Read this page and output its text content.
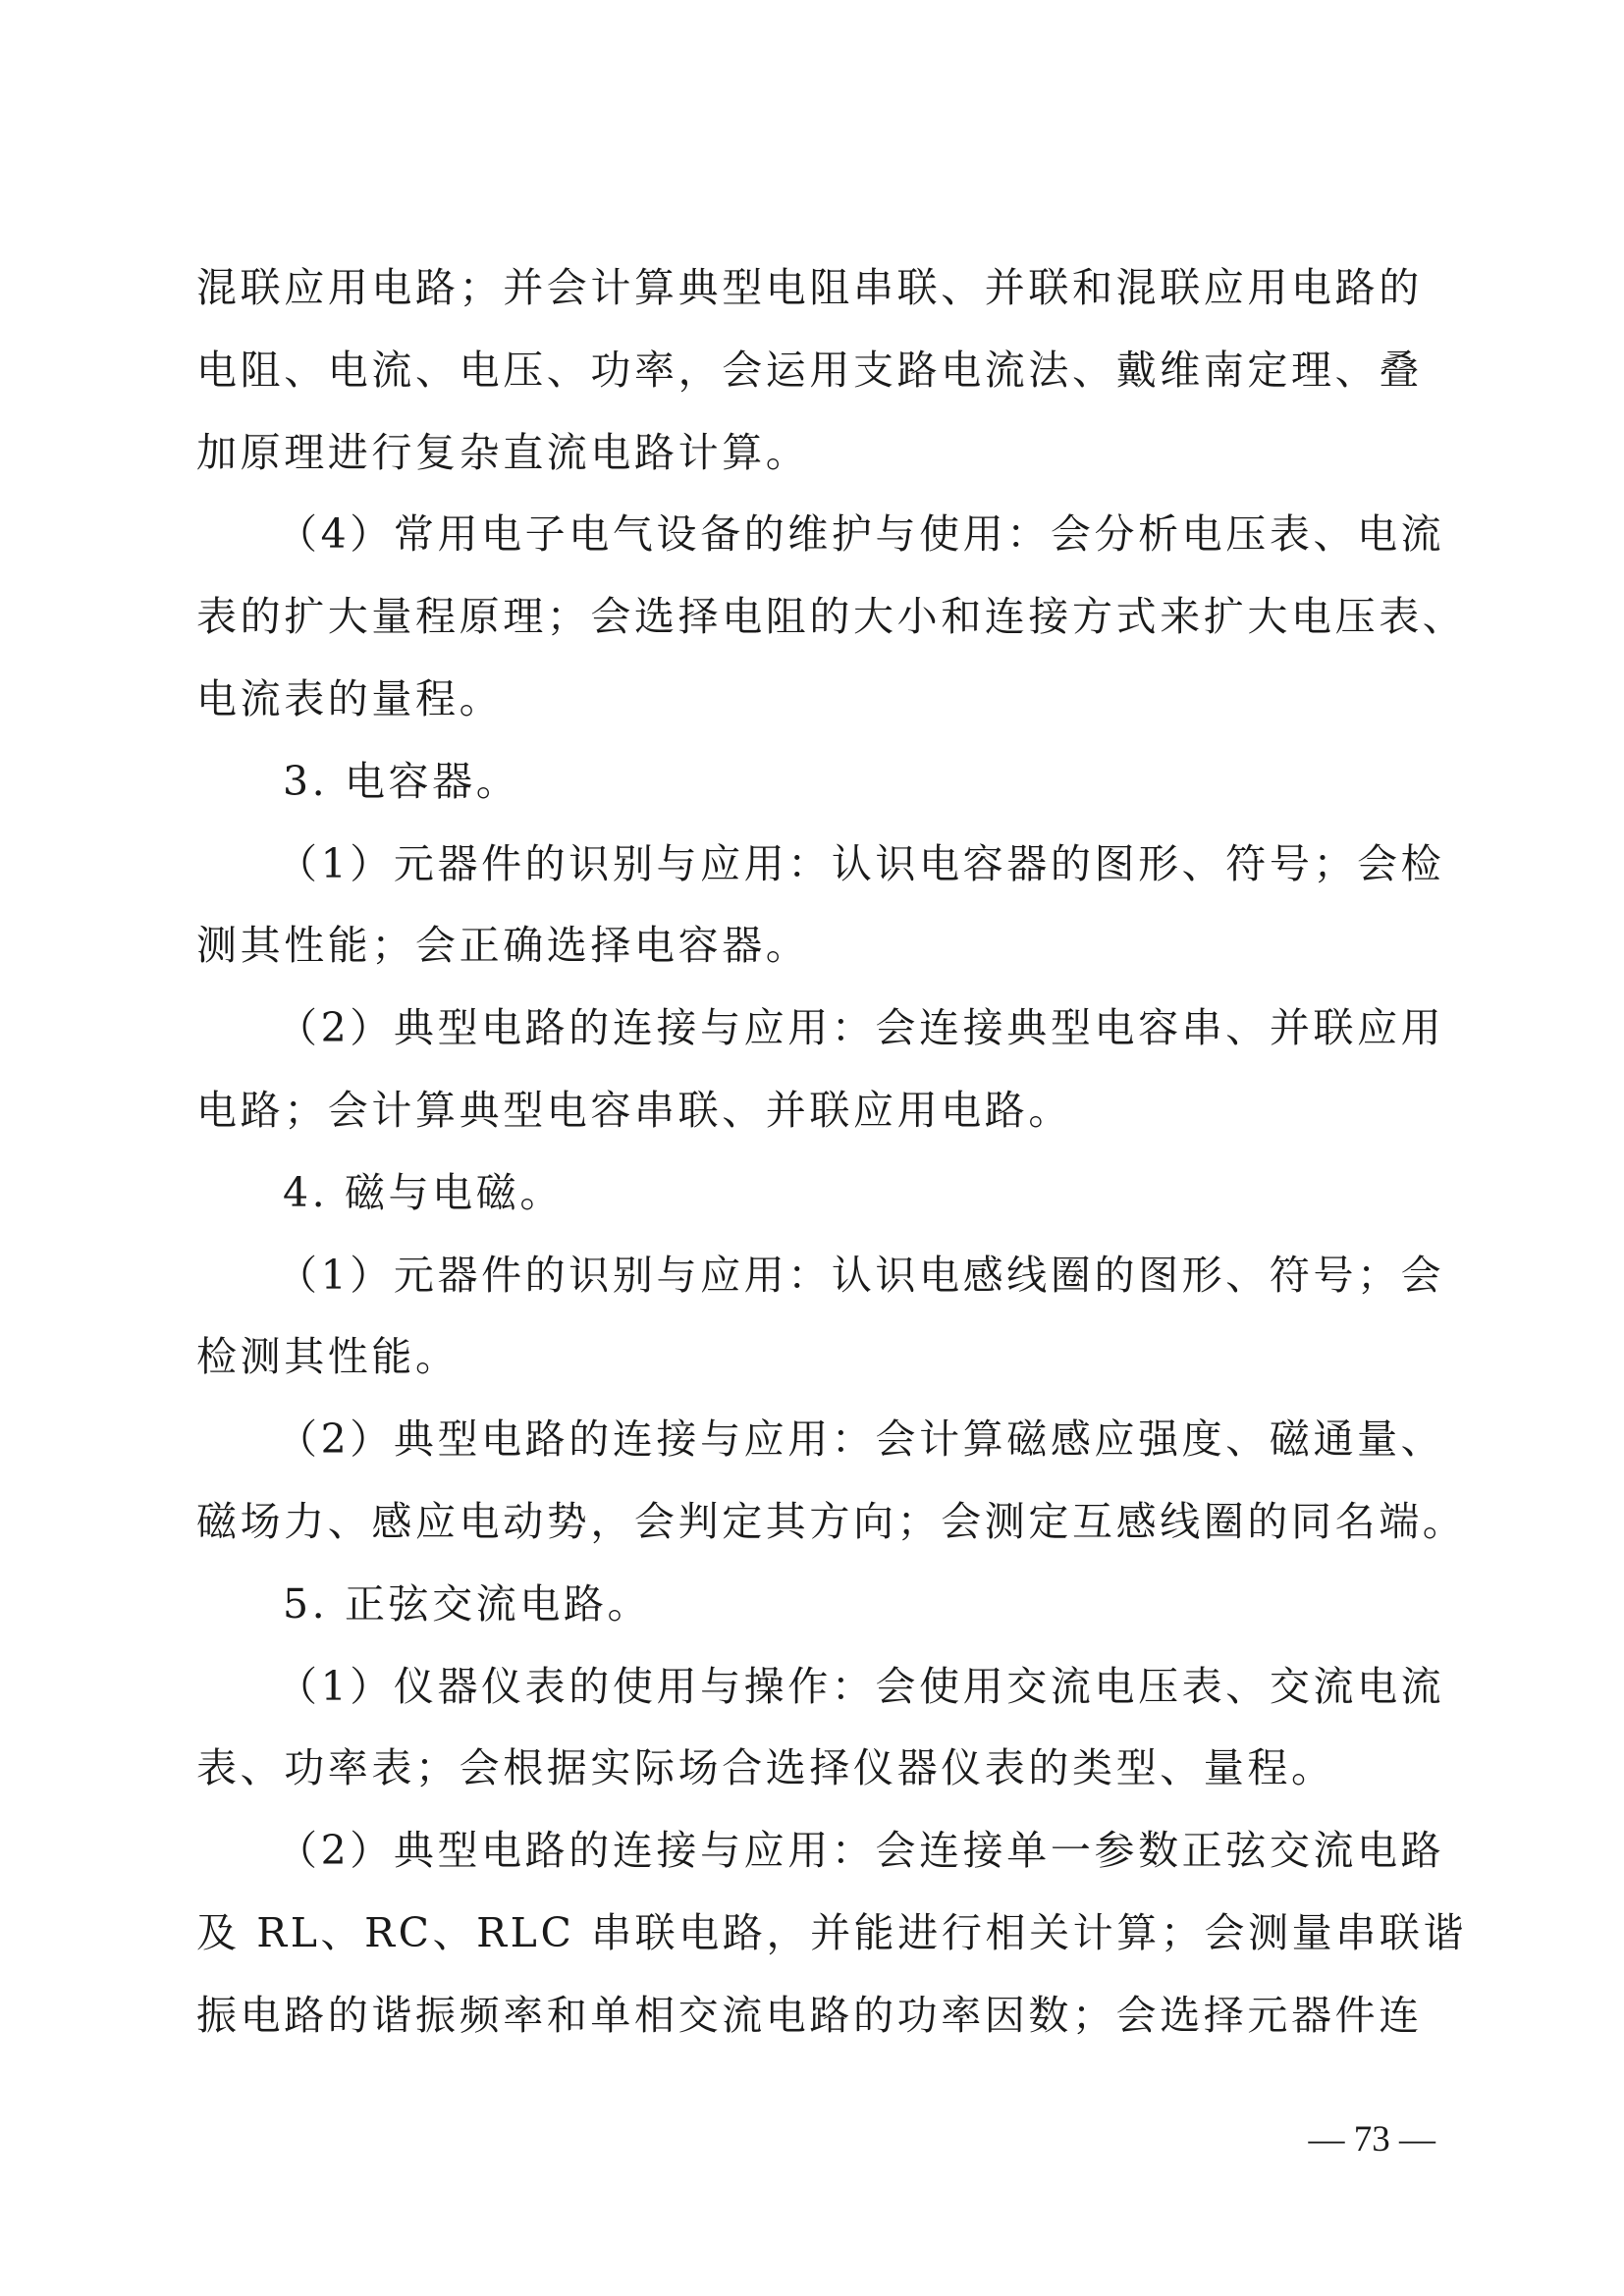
混联应用电路；并会计算典型电阻串联、并联和混联应用电路的
电阻、电流、电压、功率，会运用支路电流法、戴维南定理、叠
加原理进行复杂直流电路计算。
（4）常用电子电气设备的维护与使用：会分析电压表、电流
表的扩大量程原理；会选择电阻的大小和连接方式来扩大电压表、
电流表的量程。
3. 电容器。
（1）元器件的识别与应用：认识电容器的图形、符号；会检
测其性能；会正确选择电容器。
（2）典型电路的连接与应用：会连接典型电容串、并联应用
电路；会计算典型电容串联、并联应用电路。
4. 磁与电磁。
（1）元器件的识别与应用：认识电感线圈的图形、符号；会
检测其性能。
（2）典型电路的连接与应用：会计算磁感应强度、磁通量、
磁场力、感应电动势，会判定其方向；会测定互感线圈的同名端。
5. 正弦交流电路。
（1）仪器仪表的使用与操作：会使用交流电压表、交流电流
表、功率表；会根据实际场合选择仪器仪表的类型、量程。
（2）典型电路的连接与应用：会连接单一参数正弦交流电路
及 RL、RC、RLC 串联电路，并能进行相关计算；会测量串联谐
振电路的谐振频率和单相交流电路的功率因数；会选择元器件连
— 73 —
